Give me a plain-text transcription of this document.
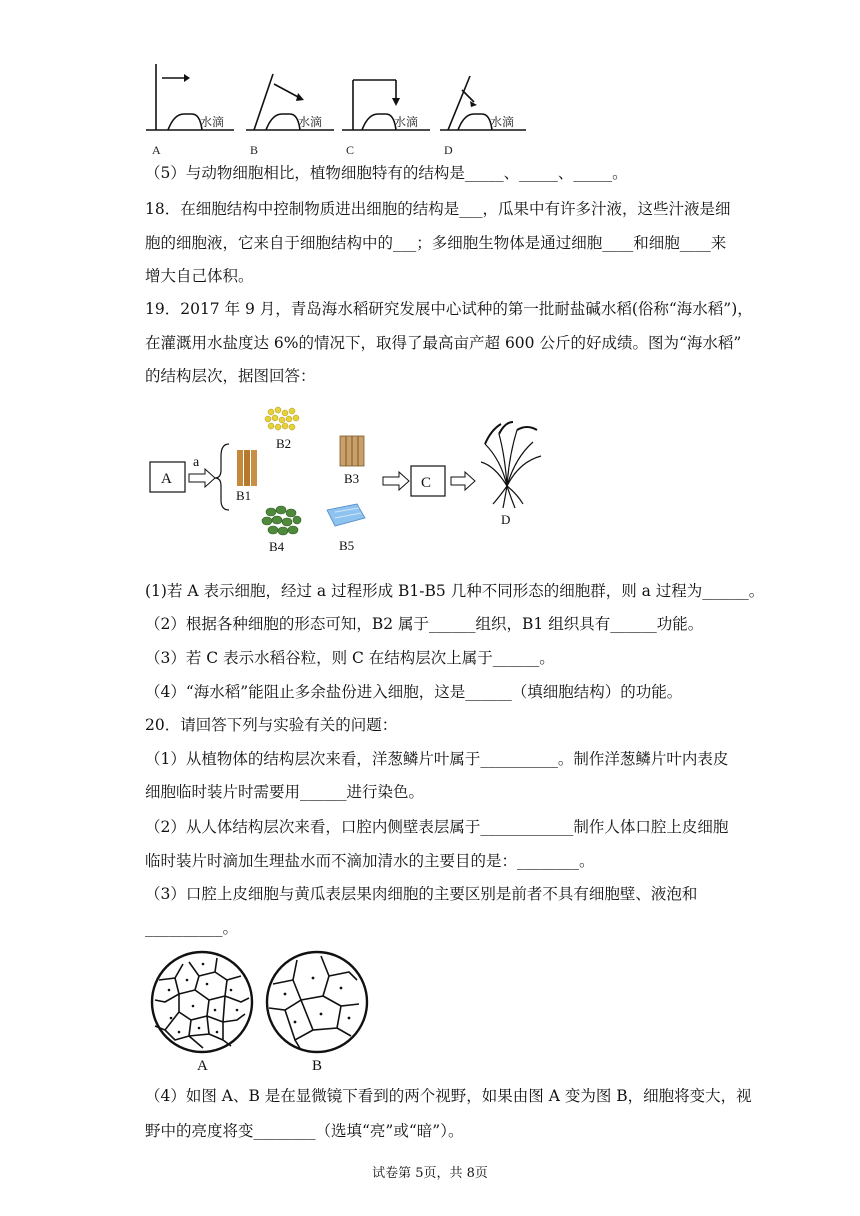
水滴	水滴	水滴	水滴
A	B	C	D
（5）与动物细胞相比，植物细胞特有的结构是_____、_____、_____。
18．在细胞结构中控制物质进出细胞的结构是___，瓜果中有许多汁液，这些汁液是细
胞的细胞液，它来自于细胞结构中的___；多细胞生物体是通过细胞____和细胞____来
增大自己体积。
19．2017 年 9 月，青岛海水稻研究发展中心试种的第一批耐盐碱水稻(俗称“海水稻”)，
在灌溉用水盐度达 6%的情况下，取得了最高亩产超 600 公斤的好成绩。图为“海水稻”
的结构层次，据图回答：
A
a
B1
B2
B3
B4	B5
C
D
(1)若 A 表示细胞，经过 a 过程形成 B1-B5 几种不同形态的细胞群，则 a 过程为______。
（2）根据各种细胞的形态可知，B2 属于______组织，B1 组织具有______功能。
（3）若 C 表示水稻谷粒，则 C 在结构层次上属于______。
（4）“海水稻”能阻止多余盐份进入细胞，这是______（填细胞结构）的功能。
20．请回答下列与实验有关的问题：
（1）从植物体的结构层次来看，洋葱鳞片叶属于__________。制作洋葱鳞片叶内表皮
细胞临时装片时需要用______进行染色。
（2）从人体结构层次来看，口腔内侧壁表层属于____________制作人体口腔上皮细胞
临时装片时滴加生理盐水而不滴加清水的主要目的是：________。
（3）口腔上皮细胞与黄瓜表层果肉细胞的主要区别是前者不具有细胞壁、液泡和
__________。
A	B
（4）如图 A、B 是在显微镜下看到的两个视野，如果由图 A 变为图 B，细胞将变大，视
野中的亮度将变________（选填“亮”或“暗”）。
试卷第 5页，共 8页
